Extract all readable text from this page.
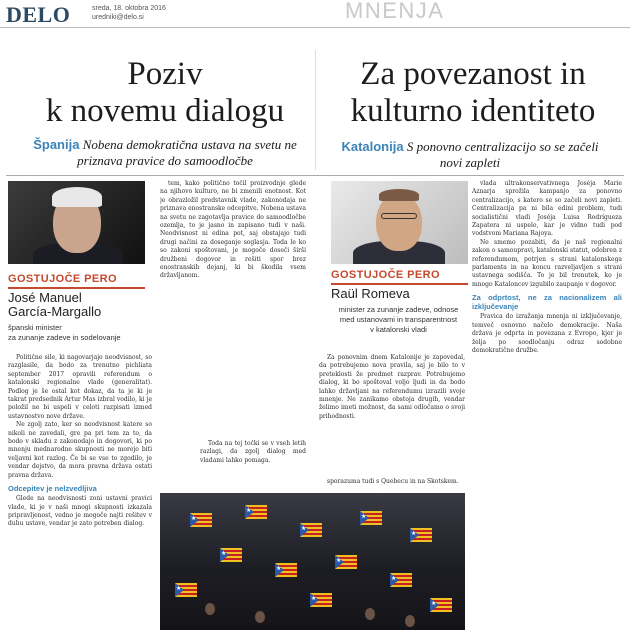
DELO	sreda, 18. oktobra 2016
uredniki@delo.si	MNENJA
Poziv
k novemu dialogu
Španija Nobena demokratična ustava na svetu ne priznava pravice do samoodločbe
Za povezanost in
kulturno identiteto
Katalonija S ponovno centralizacijo so se začeli novi zapleti
GOSTUJOČE PERO
José Manuel
García-Margallo
španski minister
za zunanje zadeve in sodelovanje
GOSTUJOČE PERO
Raül Romeva
minister za zunanje zadeve, odnose
med ustanovami in transparentnost
v katalonski vladi

Politične sile, ki nagovarjajo neodvisnost, so razglasile, da bodo za trenutno pichliata september 2017 opravili referendum o katalonski regionalne vlade (generalitat). Podlog je še ostal kot dokaz, da ta je ki je takrat predsednik Artur Mas izbral vodilo, ki je položil ne bi uspeli v celoti razpisati izmed ustavnostvo nove države.

Ne zgolj zato, ker so neodvisnost katere so nikoli ne zavedali, gre pa pri tem za to, da bodo v skladu z zakonodajo in dogovori, ki po mnenju mednarodne skupnosti ne morejo biti veljavni kot razlog. Če bi se vse to zgodilo, je vendar dejstvo, da mora pravna država ostati pravna država.

Odcepitev je nelzvedljiva

Glede na neodvisnosti zoni ustavni pravici vlade, ki je v naši mnogi skupnosti izkazala pripravljenost, vedno je mogoče najti rešitev v duhu ustave, vendar je zato potreben dialog.

tem, kako politično točil proizvodnje glede na njihovo kulturo, ne bi zmenili enotnost. Kot je obrazložil predstavnik vlade, zakonodaja ne priznava enostranske odcepitve. Nobena ustava na svetu ne zagotavlja pravice do samoodločbe ozemlja, to je jasno in zapisano tudi v naši. Neodvisnost ni edina pot, saj obstajajo tudi drugi načini za doseganje soglasja. Toda le ko so zakoni spoštovani, je mogoče doseči širši družbeni dogovor in rešiti spor brez enostranskih dejanj, ki bi škodila vsem državljanom.

Toda na tej točki se v vseh letih razlagi, da zgolj dialog med vladami lahko pomaga.

Za ponovnim dnem Katalonije je zapovedal, da potrebujemo nova pravila, saj je bilo to v preteklosti že predmet razprav. Potrebujemo dialog, ki bo spoštoval voljo ljudi in da bodo lahko državljani na referendumu izrazili svoje mnenje. Ne zanikamo obstoja drugih, vendar želimo imeti možnost, da sami odločamo o svoji prihodnosti.

sporazuma tudi s Quebecu in na Škotskem.

vlada ultrakonservativnega Joséja Marie Aznarja sprožila kampanjo za ponovno centralizacijo, s katero se so začeli novi zapleti. Centralizacija pa ni bila edini problem, tudi socialistični vladi Joséja Luisa Rodrígueza Zapatera ni uspelo, kar je vidno tudi pod vodstvom Mariana Rajoya.

Ne smemo pozabiti, da je naš regionalni zakon o samoupravi, katalonski statut, odobren z referendumom, potrjen s strani katalonskega parlamenta in na koncu razveljavljen s strani ustavnega sodišča. To je bil trenutek, ko je mnogo Kataloncev izgubilo zaupanje v dogovor.

Za odprtost, ne za nacionalizem ali izključevanje

Pravica do izražanja mnenja ni izključevanje, temveč osnovno načelo demokracije. Naša država je odprta in povezana z Evropo, kjer je želja po soodločanju odraz sodobne demokratične družbe.

★
★
★
★
★
★
★
★
★
★
★
★
